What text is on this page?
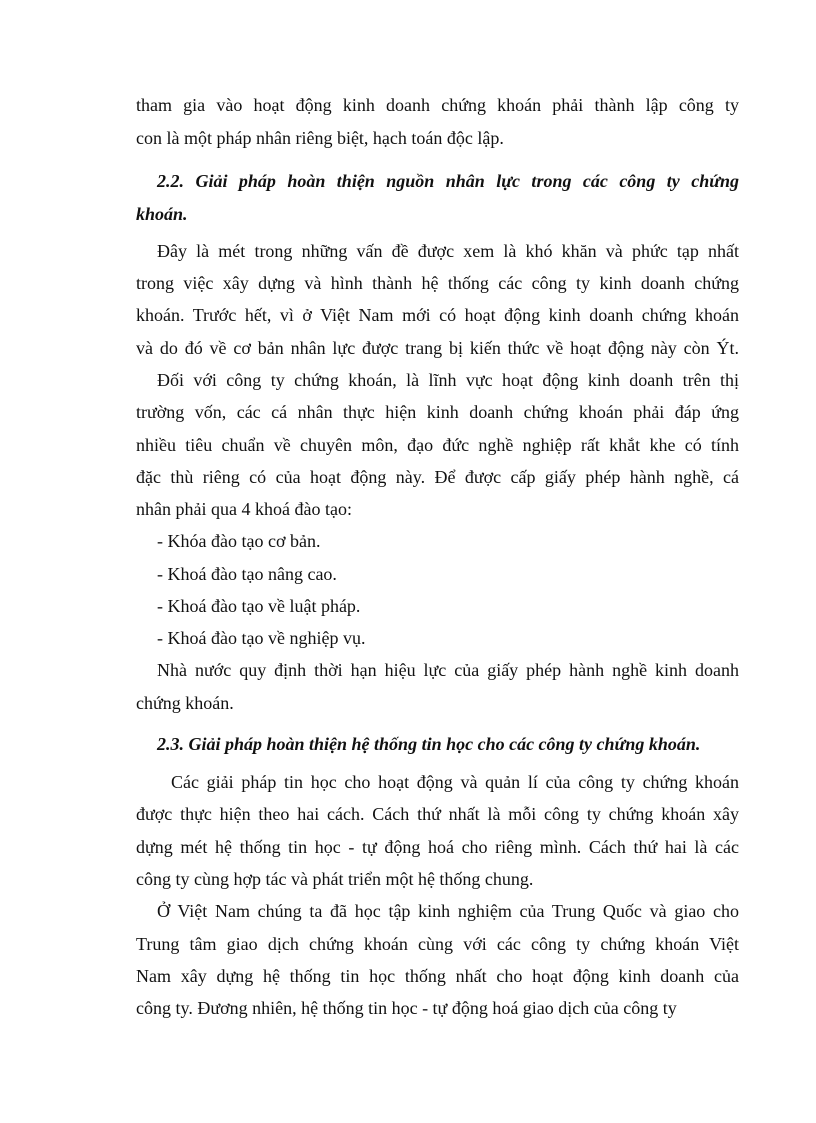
tham gia vào hoạt động kinh doanh chứng khoán phải thành lập công ty

con là một pháp nhân riêng biệt, hạch toán độc lập.

2.2. Giải pháp hoàn thiện nguồn nhân lực trong các công ty chứng

khoán.

Đây là mét trong những vấn đề được xem là khó khăn và phức tạp nhất

trong việc xây dựng và hình thành hệ thống các công ty kinh doanh chứng

khoán. Trước hết, vì ở Việt Nam mới có hoạt động kinh doanh chứng khoán

và do đó về cơ bản nhân lực được trang bị kiến thức về hoạt động này còn Ýt.

Đối với công ty chứng khoán, là lĩnh vực hoạt động kinh doanh trên thị

trường vốn, các cá nhân thực hiện kinh doanh chứng khoán phải đáp ứng

nhiều tiêu chuẩn về chuyên môn, đạo đức nghề nghiệp rất khắt khe có tính

đặc thù riêng có của hoạt động này. Để được cấp giấy phép hành nghề, cá

nhân phải qua 4 khoá đào tạo:

- Khóa đào tạo cơ bản.

- Khoá đào tạo nâng cao.

- Khoá đào tạo về luật pháp.

- Khoá đào tạo về nghiệp vụ.

Nhà nước quy định thời hạn hiệu lực của giấy phép hành nghề kinh doanh

chứng khoán.

2.3. Giải pháp hoàn thiện hệ thống tin học cho các công ty chứng khoán.

Các giải pháp tin học cho hoạt động và quản lí của công ty chứng khoán

được thực hiện theo hai cách. Cách thứ nhất là mỗi công ty chứng khoán xây

dựng mét hệ thống tin học - tự động hoá cho riêng mình. Cách thứ hai là các

công ty cùng hợp tác và phát triển một hệ thống chung.

Ở Việt Nam chúng ta đã học tập kinh nghiệm của Trung Quốc và giao cho

Trung tâm giao dịch chứng khoán cùng với các công ty chứng khoán Việt

Nam xây dựng hệ thống tin học thống nhất cho hoạt động kinh doanh của

công ty. Đương nhiên, hệ thống tin học - tự động hoá giao dịch của công ty
